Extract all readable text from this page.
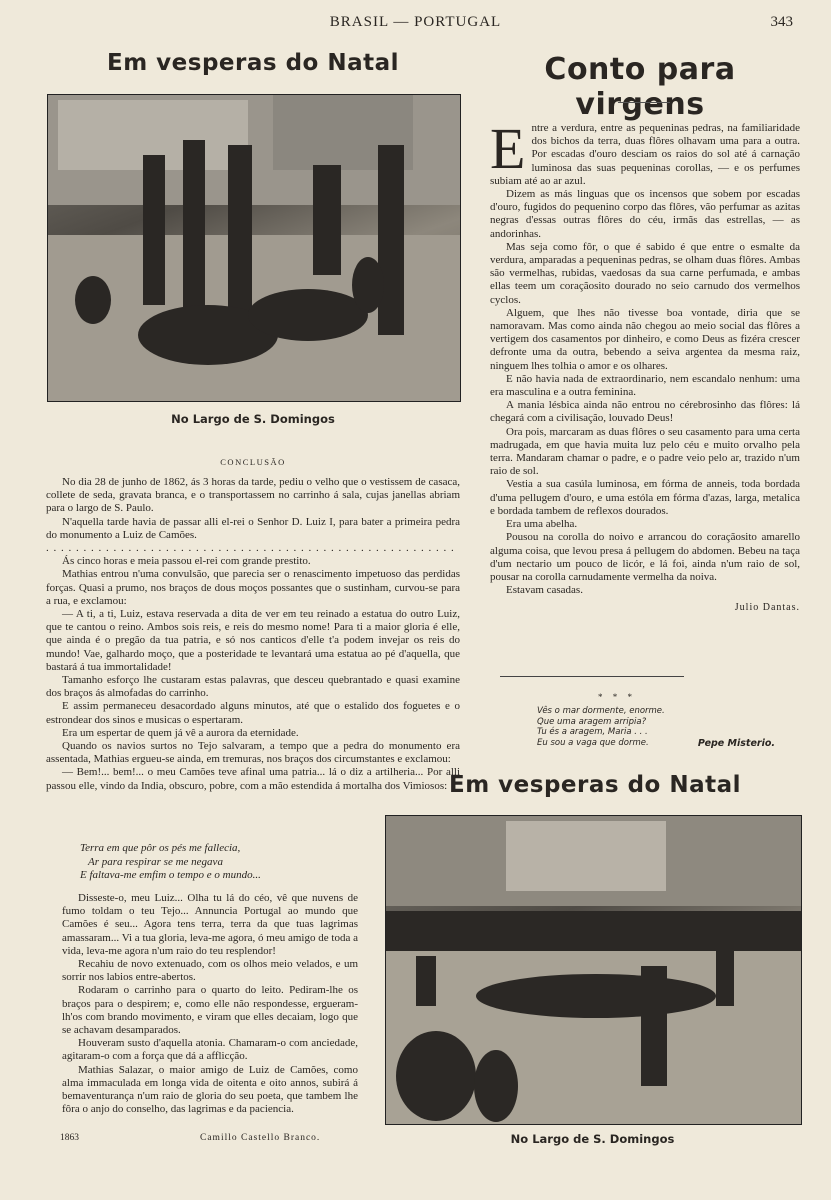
BRASIL — PORTUGAL	343
Em vesperas do Natal
No Largo de S. Domingos
Conto para virgens

Entre a verdura, entre as pequeninas pedras, na familiaridade dos bichos da terra, duas flôres olhavam uma para a outra. Por escadas d'ouro desciam os raios do sol até á carnação luminosa das suas pequeninas corollas, — e os perfumes subiam até ao ar azul.

Dizem as más linguas que os incensos que sobem por escadas d'ouro, fugidos do pequenino corpo das flôres, vão perfumar as azitas negras d'essas outras flôres do céu, irmãs das estrellas, — as andorinhas.

Mas seja como fôr, o que é sabido é que entre o esmalte da verdura, amparadas a pequeninas pedras, se olham duas flôres. Ambas são vermelhas, rubidas, vaedosas da sua carne perfumada, e ambas ellas teem um coraçãosito dourado no seio carnudo dos vermelhos cyclos.

Alguem, que lhes não tivesse boa vontade, diria que se namoravam. Mas como ainda não chegou ao meio social das flôres a vertigem dos casamentos por dinheiro, e como Deus as fizéra crescer defronte uma da outra, bebendo a seiva argentea da mesma raiz, ninguem lhes tolhia o amor e os olhares.

E não havia nada de extraordinario, nem escandalo nenhum: uma era masculina e a outra feminina.

A mania lésbica ainda não entrou no cérebrosinho das flôres: lá chegará com a civilisação, louvado Deus!

Ora pois, marcaram as duas flôres o seu casamento para uma certa madrugada, em que havia muita luz pelo céu e muito orvalho pela terra. Mandaram chamar o padre, e o padre veio pelo ar, trazido n'um raio de sol.

Vestia a sua casúla luminosa, em fórma de anneis, toda bordada d'uma pellugem d'ouro, e uma estóla em fórma d'azas, larga, metalica e bordada tambem de reflexos dourados.

Era uma abelha.

Pousou na corolla do noivo e arrancou do coraçãosito amarello alguma coisa, que levou presa á pellugem do abdomen. Bebeu na taça d'um nectario um pouco de licór, e lá foi, ainda n'um raio de sol, pousar na corolla carnudamente vermelha da noiva.

Estavam casadas.

Julio Dantas.
* * *
Vês o mar dormente, enorme.
Que uma aragem arripia?
Tu és a aragem, Maria . . .
Eu sou a vaga que dorme.	Pepe Misterio.
Em vesperas do Natal
No Largo de S. Domingos
CONCLUSÃO

No dia 28 de junho de 1862, ás 3 horas da tarde, pediu o velho que o vestissem de casaca, collete de seda, gravata branca, e o transportassem no carrinho á sala, cujas janellas abriam para o largo de S. Paulo.

N'aquella tarde havia de passar alli el-rei o Senhor D. Luiz I, para bater a primeira pedra do monumento a Luiz de Camões.

. . . . . . . . . . . . . . . . . . . . . . . . . . . . . . . . . . . . . . . . . . . . . . . . . . . . . . .

Ás cinco horas e meia passou el-rei com grande prestito.

Mathias entrou n'uma convulsão, que parecia ser o renascimento impetuoso das perdidas forças. Quasi a prumo, nos braços de dous moços possantes que o sustinham, curvou-se para a rua, e exclamou:

— A ti, a ti, Luiz, estava reservada a dita de ver em teu reinado a estatua do outro Luiz, que te cantou o reino. Ambos sois reis, e reis do mesmo nome! Para ti a maior gloria é elle, que ainda é o pregão da tua patria, e só nos canticos d'elle t'a podem invejar os reis do mundo! Vae, galhardo moço, que a posteridade te levantará uma estatua ao pé d'aquella, que bastará á tua immortalidade!

Tamanho esforço lhe custaram estas palavras, que desceu quebrantado e quasi examine dos braços ás almofadas do carrinho.

E assim permaneceu desacordado alguns minutos, até que o estalido dos foguetes e o estrondear dos sinos e musicas o espertaram.

Era um espertar de quem já vê a aurora da eternidade.

Quando os navios surtos no Tejo salvaram, a tempo que a pedra do monumento era assentada, Mathias ergueu-se ainda, em tremuras, nos braços dos circumstantes e exclamou:

— Bem!... bem!... o meu Camões teve afinal uma patria... lá o diz a artilheria... Por alli passou elle, vindo da India, obscuro, pobre, com a mão estendida á mortalha dos Vimiosos:

Terra em que pôr os pés me fallecia,
Ar para respirar se me negava
E faltava-me emfim o tempo e o mundo...

Disseste-o, meu Luiz... Olha tu lá do céo, vê que nuvens de fumo toldam o teu Tejo... Annuncia Portugal ao mundo que Camões é seu... Agora tens terra, terra da que tuas lagrimas amassaram... Vi a tua gloria, leva-me agora, ó meu amigo de toda a vida, leva-me agora n'um raio do teu resplendor!

Recahiu de novo extenuado, com os olhos meio velados, e um sorrir nos labios entre-abertos.

Rodaram o carrinho para o quarto do leito. Pediram-lhe os braços para o despirem; e, como elle não respondesse, ergueram-lh'os com brando movimento, e viram que elles decaiam, logo que se achavam desamparados.

Houveram susto d'aquella atonia. Chamaram-o com anciedade, agitaram-o com a força que dá a afflicção.

Mathias Salazar, o maior amigo de Luiz de Camões, como alma immaculada em longa vida de oitenta e oito annos, subirá á bemaventurança n'um raio de gloria do seu poeta, que tambem lhe fôra o anjo do conselho, das lagrimas e da paciencia.

1863	Camillo Castello Branco.
